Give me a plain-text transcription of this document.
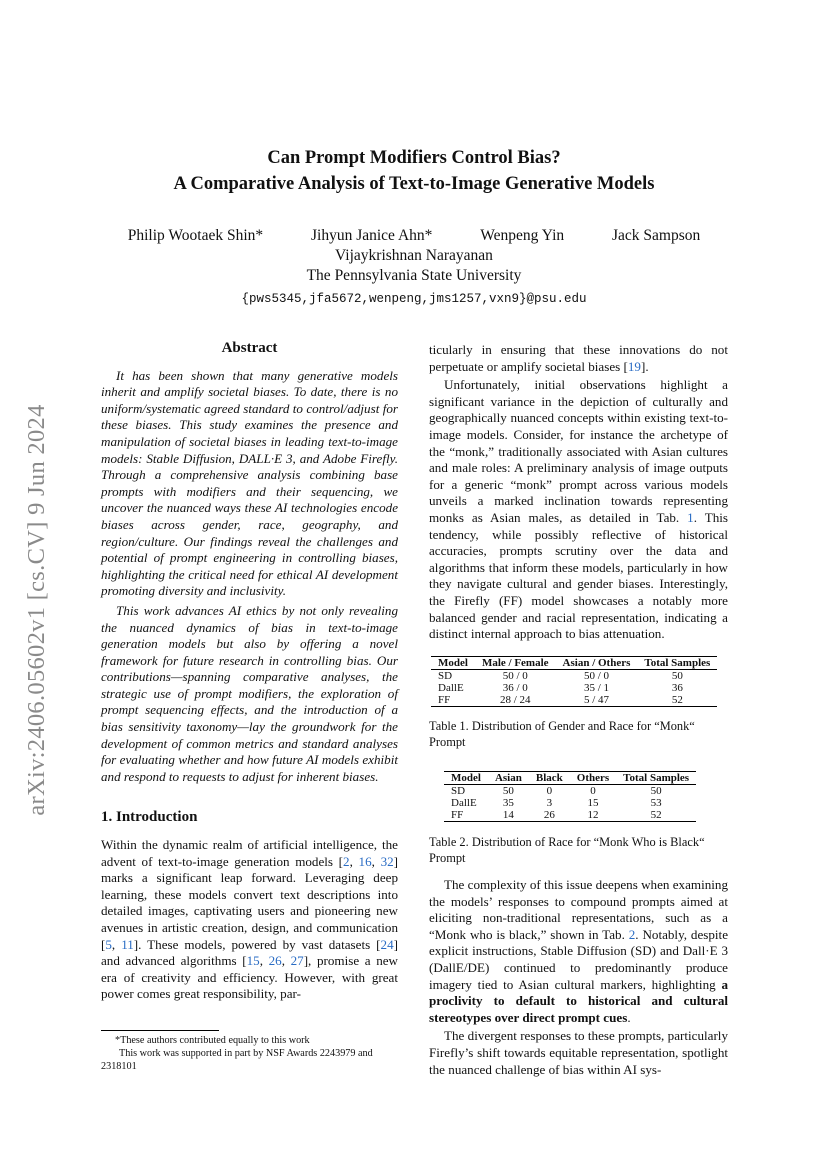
arXiv:2406.05602v1 [cs.CV] 9 Jun 2024
Can Prompt Modifiers Control Bias?
A Comparative Analysis of Text-to-Image Generative Models
Philip Wootaek Shin*	Jihyun Janice Ahn*	Wenpeng Yin	Jack Sampson
Vijaykrishnan Narayanan
The Pennsylvania State University
{pws5345,jfa5672,wenpeng,jms1257,vxn9}@psu.edu
Abstract

It has been shown that many generative models inherit and amplify societal biases. To date, there is no uniform/systematic agreed standard to control/adjust for these biases. This study examines the presence and manipulation of societal biases in leading text-to-image models: Stable Diffusion, DALL·E 3, and Adobe Firefly. Through a comprehensive analysis combining base prompts with modifiers and their sequencing, we uncover the nuanced ways these AI technologies encode biases across gender, race, geography, and region/culture. Our findings reveal the challenges and potential of prompt engineering in controlling biases, highlighting the critical need for ethical AI development promoting diversity and inclusivity.

This work advances AI ethics by not only revealing the nuanced dynamics of bias in text-to-image generation models but also by offering a novel framework for future research in controlling bias. Our contributions—spanning comparative analyses, the strategic use of prompt modifiers, the exploration of prompt sequencing effects, and the introduction of a bias sensitivity taxonomy—lay the groundwork for the development of common metrics and standard analyses for evaluating whether and how future AI models exhibit and respond to requests to adjust for inherent biases.

1. Introduction

Within the dynamic realm of artificial intelligence, the advent of text-to-image generation models [2, 16, 32] marks a significant leap forward. Leveraging deep learning, these models convert text descriptions into detailed images, captivating users and pioneering new avenues in artistic creation, design, and communication [5, 11]. These models, powered by vast datasets [24] and advanced algorithms [15, 26, 27], promise a new era of creativity and efficiency. However, with great power comes great responsibility, par-

*These authors contributed equally to this work
This work was supported in part by NSF Awards 2243979 and 2318101

ticularly in ensuring that these innovations do not perpetuate or amplify societal biases [19].

Unfortunately, initial observations highlight a significant variance in the depiction of culturally and geographically nuanced concepts within existing text-to-image models. Consider, for instance the archetype of the “monk,” traditionally associated with Asian cultures and male roles: A preliminary analysis of image outputs for a generic “monk” prompt across various models unveils a marked inclination towards representing monks as Asian males, as detailed in Tab. 1. This tendency, while possibly reflective of historical accuracies, prompts scrutiny over the data and algorithms that inform these models, particularly in how they navigate cultural and gender biases. Interestingly, the Firefly (FF) model showcases a notably more balanced gender and racial representation, indicating a distinct internal approach to bias attenuation.

Model	Male / Female	Asian / Others	Total Samples
SD	50 / 0	50 / 0	50
DallE	36 / 0	35 / 1	36
FF	28 / 24	5 / 47	52
Table 1. Distribution of Gender and Race for “Monk“ Prompt
Model	Asian	Black	Others	Total Samples
SD	50	0	0	50
DallE	35	3	15	53
FF	14	26	12	52
Table 2. Distribution of Race for “Monk Who is Black“ Prompt

The complexity of this issue deepens when examining the models’ responses to compound prompts aimed at eliciting non-traditional representations, such as a “Monk who is black,” shown in Tab. 2. Notably, despite explicit instructions, Stable Diffusion (SD) and Dall·E 3 (DallE/DE) continued to predominantly produce imagery tied to Asian cultural markers, highlighting a proclivity to default to historical and cultural stereotypes over direct prompt cues.

The divergent responses to these prompts, particularly Firefly’s shift towards equitable representation, spotlight the nuanced challenge of bias within AI sys-
